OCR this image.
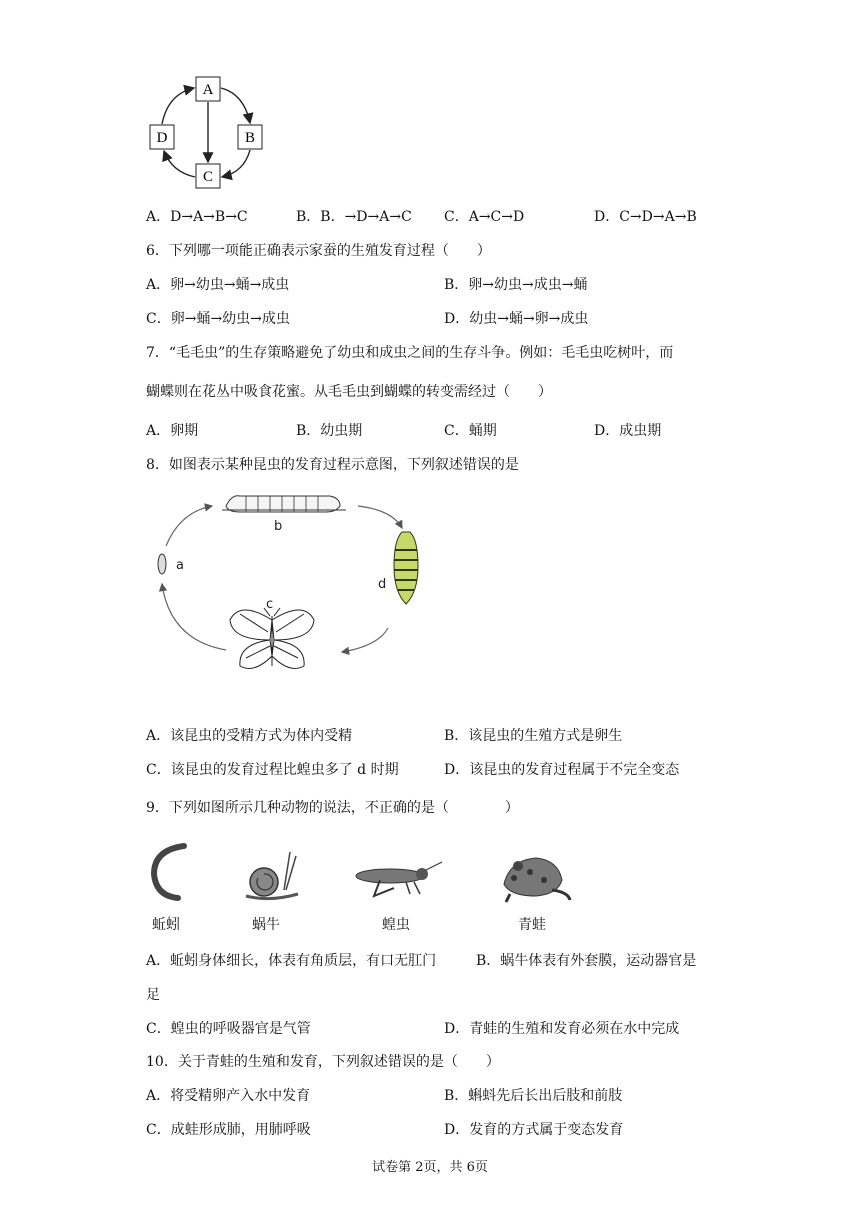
A
B
C
D
A．D→A→B→C	B．B．→D→A→C C．A→C→D	D．C→D→A→B
6．下列哪一项能正确表示家蚕的生殖发育过程（　　）
A．卵→幼虫→蛹→成虫	B．卵→幼虫→成虫→蛹
C．卵→蛹→幼虫→成虫	D．幼虫→蛹→卵→成虫
7．“毛毛虫”的生存策略避免了幼虫和成虫之间的生存斗争。例如：毛毛虫吃树叶，而
蝴蝶则在花丛中吸食花蜜。从毛毛虫到蝴蝶的转变需经过（　　）
A．卵期	B．幼虫期	C．蛹期	D．成虫期
8．如图表示某种昆虫的发育过程示意图，下列叙述错误的是
b
a
d
c
A．该昆虫的受精方式为体内受精	B．该昆虫的生殖方式是卵生
C．该昆虫的发育过程比蝗虫多了 d 时期	D．该昆虫的发育过程属于不完全变态
9．下列如图所示几种动物的说法，不正确的是（　　　　）
蚯蚓	蜗牛	蝗虫	青蛙
A．蚯蚓身体细长，体表有角质层，有口无肛门	B．蜗牛体表有外套膜，运动器官是
足
C．蝗虫的呼吸器官是气管	D．青蛙的生殖和发育必须在水中完成
10．关于青蛙的生殖和发育，下列叙述错误的是（　　）
A．将受精卵产入水中发育	B．蝌蚪先后长出后肢和前肢
C．成蛙形成肺，用肺呼吸	D．发育的方式属于变态发育
试卷第 2页，共 6页
